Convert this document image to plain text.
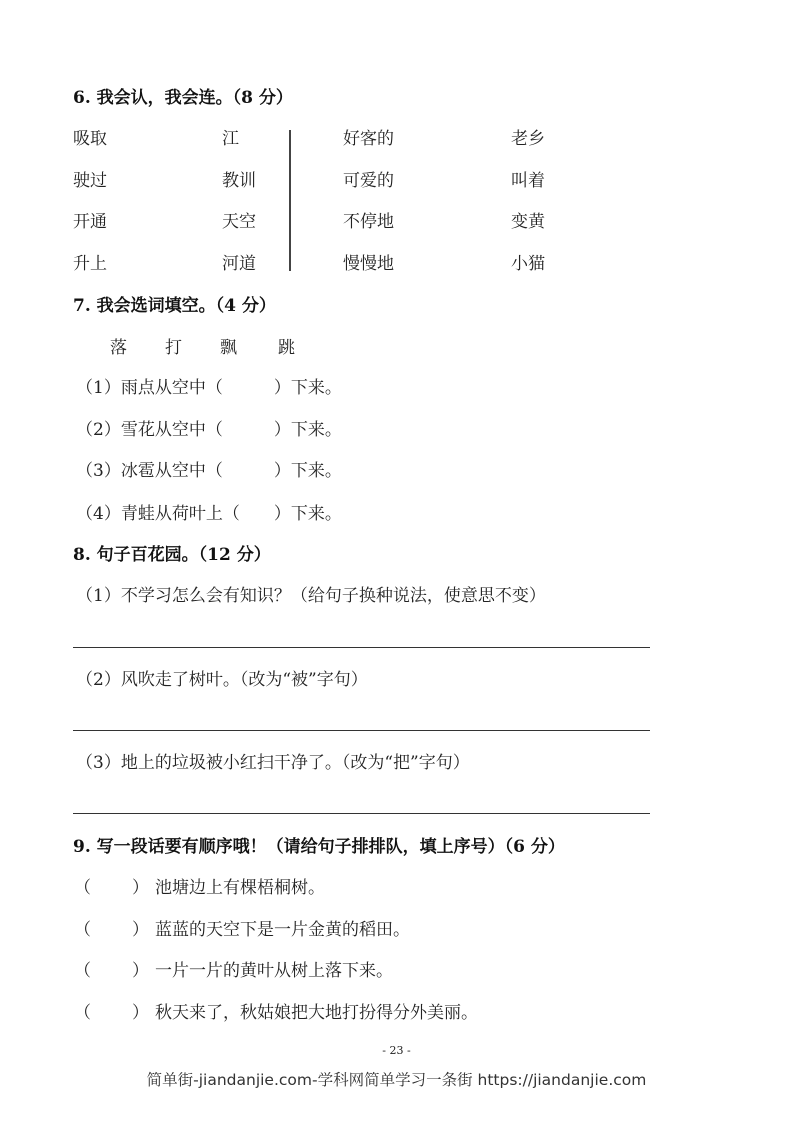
6. 我会认，我会连。（8 分）
吸取
驶过
开通
升上
江
教训
天空
河道
好客的
可爱的
不停地
慢慢地
老乡
叫着
变黄
小猫
7. 我会选词填空。（4 分）
落 打 飘 跳
（1）雨点从空中（　　　）下来。
（2）雪花从空中（　　　）下来。
（3）冰雹从空中（　　　）下来。
（4）青蛙从荷叶上（　　）下来。
8. 句子百花园。（12 分）
（1）不学习怎么会有知识？（给句子换种说法，使意思不变）
（2）风吹走了树叶。（改为“被”字句）
（3）地上的垃圾被小红扫干净了。（改为“把”字句）
9. 写一段话要有顺序哦！（请给句子排排队，填上序号）（6 分）
（ ） 池塘边上有棵梧桐树。
（ ） 蓝蓝的天空下是一片金黄的稻田。
（ ） 一片一片的黄叶从树上落下来。
（ ） 秋天来了，秋姑娘把大地打扮得分外美丽。
- 23 -
简单街-jiandanjie.com-学科网简单学习一条街 https://jiandanjie.com
